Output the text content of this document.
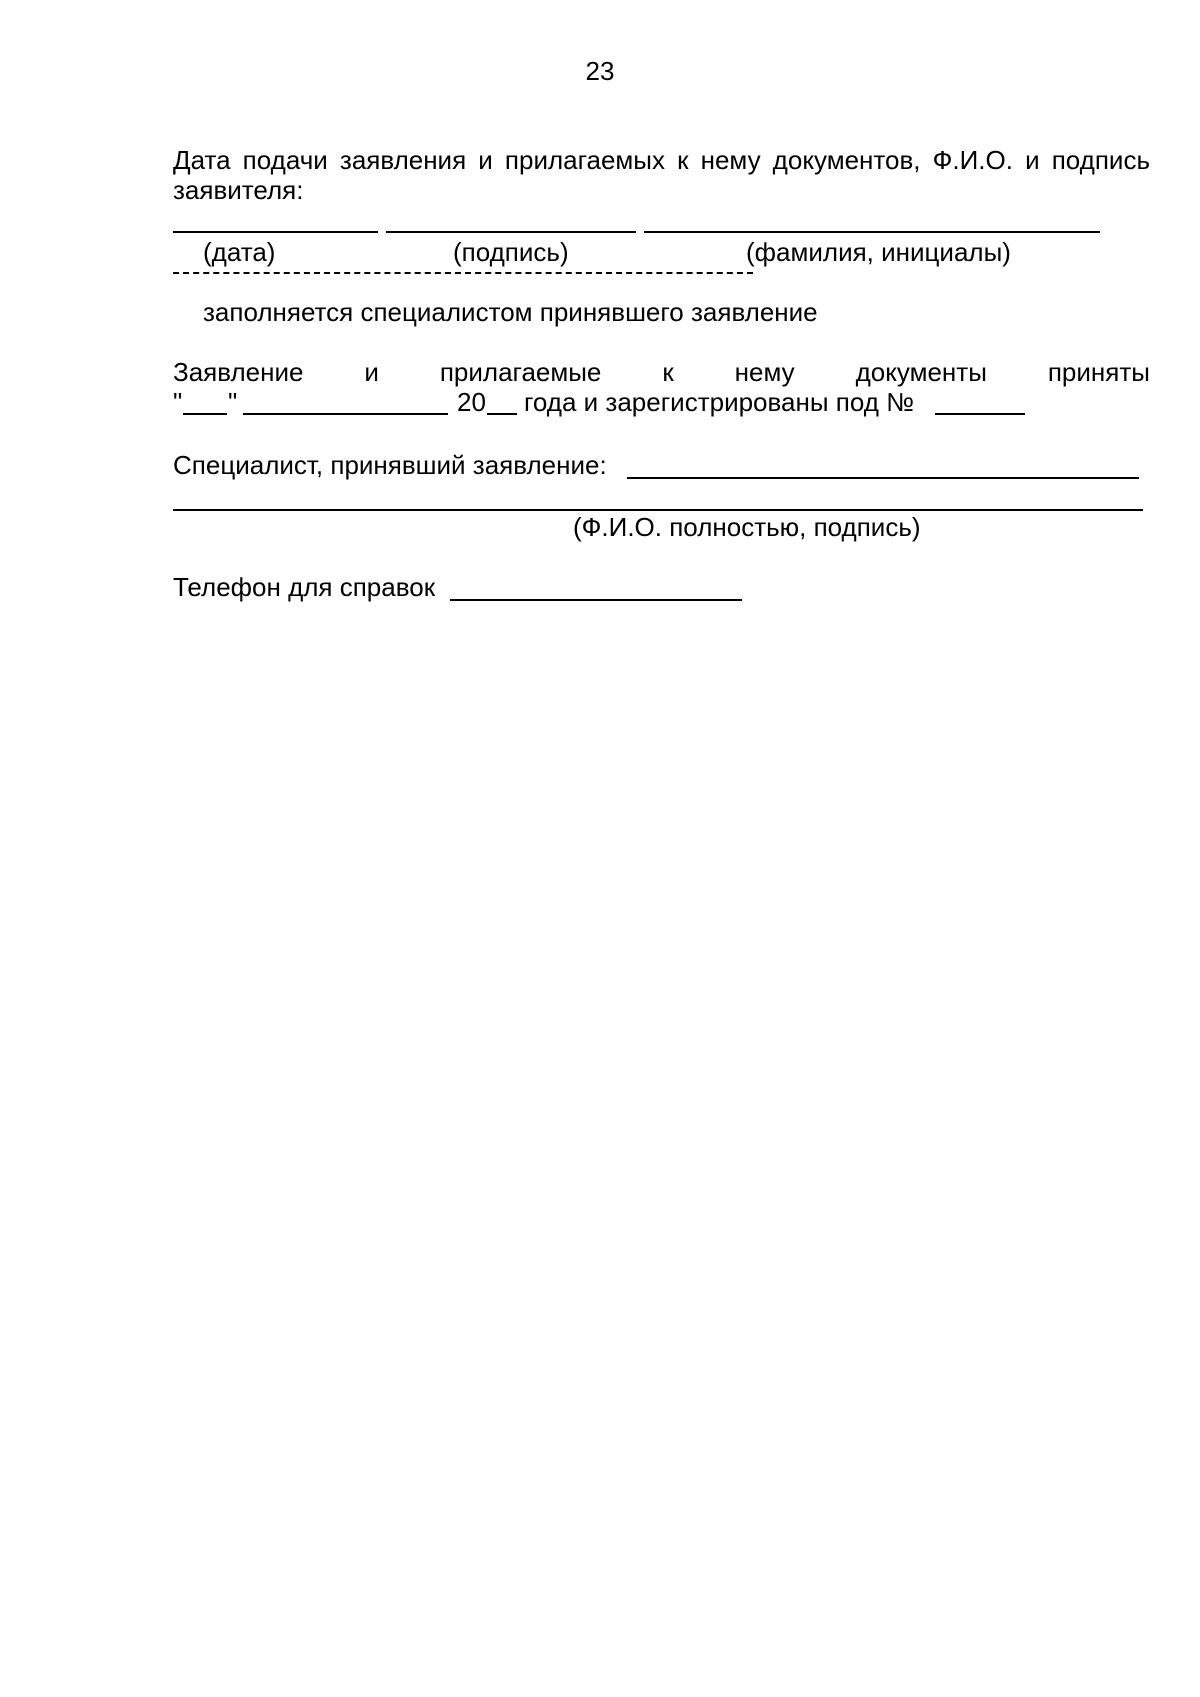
23
Дата подачи заявления и прилагаемых к нему документов, Ф.И.О. и подпись заявителя:
(дата)	(подпись)	(фамилия, инициалы)
заполняется специалистом принявшего заявление
Заявление и прилагаемые к нему документы приняты
" "	20 года и зарегистрированы под №
Специалист, принявший заявление:
(Ф.И.О. полностью, подпись)
Телефон для справок
